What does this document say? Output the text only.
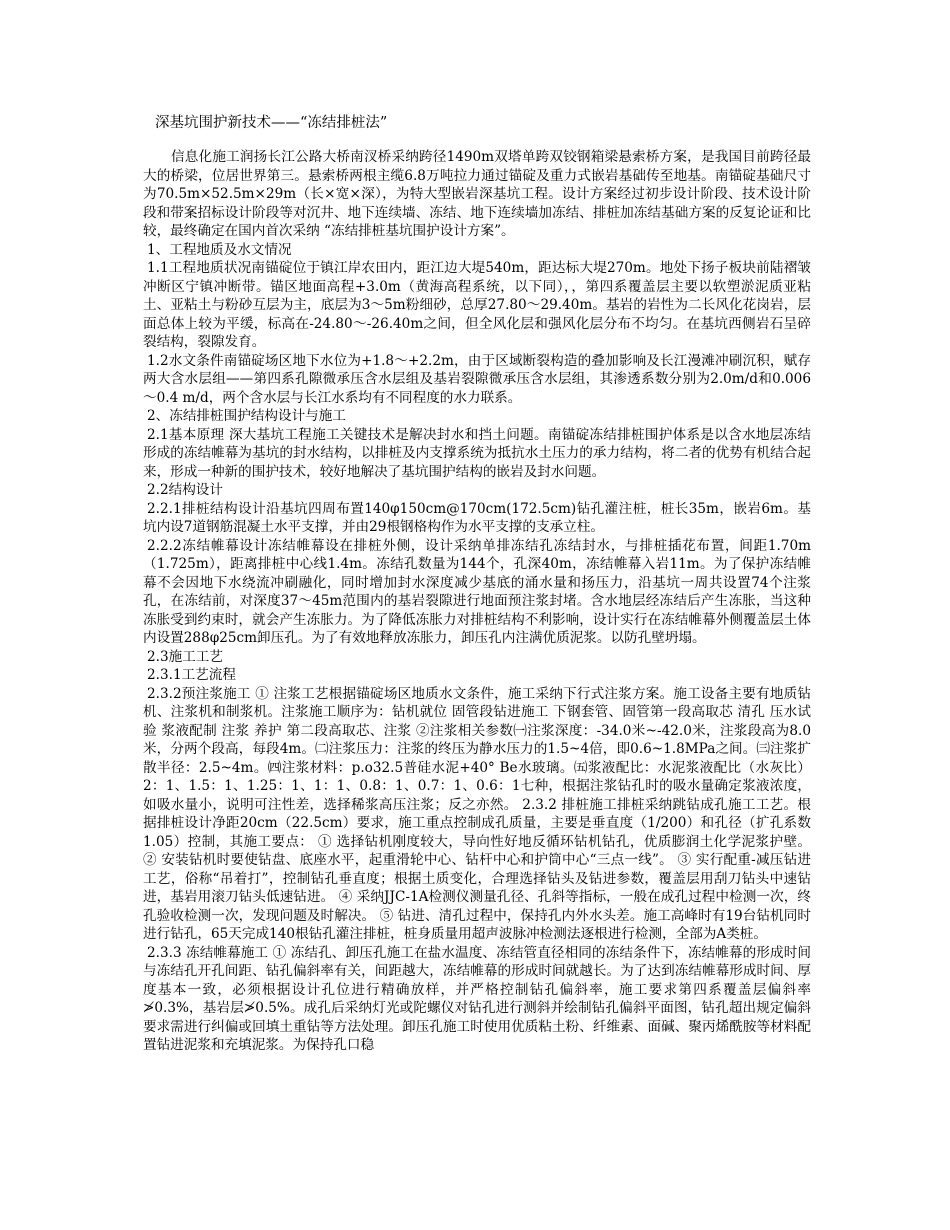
深基坑围护新技术——“冻结排桩法”

信息化施工润扬长江公路大桥南汊桥采纳跨径1490m双塔单跨双铰钢箱梁悬索桥方案，是我国目前跨径最大的桥梁，位居世界第三。悬索桥两根主缆6.8万吨拉力通过锚碇及重力式嵌岩基础传至地基。南锚碇基础尺寸为70.5m×52.5m×29m（长×宽×深），为特大型嵌岩深基坑工程。设计方案经过初步设计阶段、技术设计阶段和带案招标设计阶段等对沉井、地下连续墙、冻结、地下连续墙加冻结、排桩加冻结基础方案的反复论证和比较，最终确定在国内首次采纳 “冻结排桩基坑围护设计方案”。

1、工程地质及水文情况

1.1工程地质状况南锚碇位于镇江岸农田内，距江边大堤540m，距达标大堤270m。地处下扬子板块前陆褶皱冲断区宁镇冲断带。锚区地面高程+3.0m（黄海高程系统，以下同），，第四系覆盖层主要以软塑淤泥质亚粘土、亚粘土与粉砂互层为主，底层为3～5m粉细砂，总厚27.80～29.40m。基岩的岩性为二长风化花岗岩，层面总体上较为平缓，标高在-24.80～-26.40m之间，但全风化层和强风化层分布不均匀。在基坑西侧岩石呈碎裂结构，裂隙发育。

1.2水文条件南锚碇场区地下水位为+1.8～+2.2m，由于区域断裂构造的叠加影响及长江漫滩冲刷沉积，赋存两大含水层组——第四系孔隙微承压含水层组及基岩裂隙微承压含水层组，其渗透系数分别为2.0m/d和0.006～0.4 m/d，两个含水层与长江水系均有不同程度的水力联系。

2、冻结排桩围护结构设计与施工

2.1基本原理 深大基坑工程施工关键技术是解决封水和挡土问题。南锚碇冻结排桩围护体系是以含水地层冻结形成的冻结帷幕为基坑的封水结构，以排桩及内支撑系统为抵抗水土压力的承力结构，将二者的优势有机结合起来，形成一种新的围护技术，较好地解决了基坑围护结构的嵌岩及封水问题。

2.2结构设计

2.2.1排桩结构设计沿基坑四周布置140φ150cm@170cm(172.5cm)钻孔灌注桩，桩长35m，嵌岩6m。基坑内设7道钢筋混凝土水平支撑，并由29根钢格构作为水平支撑的支承立柱。

2.2.2冻结帷幕设计冻结帷幕设在排桩外侧，设计采纳单排冻结孔冻结封水，与排桩插花布置，间距1.70m（1.725m），距离排桩中心线1.4m。冻结孔数量为144个，孔深40m，冻结帷幕入岩11m。为了保护冻结帷幕不会因地下水绕流冲刷融化，同时增加封水深度减少基底的涌水量和扬压力，沿基坑一周共设置74个注浆孔，在冻结前，对深度37～45m范围内的基岩裂隙进行地面预注浆封堵。含水地层经冻结后产生冻胀，当这种冻胀受到约束时，就会产生冻胀力。为了降低冻胀力对排桩结构不利影响，设计实行在冻结帷幕外侧覆盖层土体内设置288φ25cm卸压孔。为了有效地释放冻胀力，卸压孔内注满优质泥浆。以防孔壁坍塌。

2.3施工工艺

2.3.1工艺流程

2.3.2预注浆施工 ① 注浆工艺根据锚碇场区地质水文条件，施工采纳下行式注浆方案。施工设备主要有地质钻机、注浆机和制浆机。注浆施工顺序为：钻机就位 固管段钻进施工 下钢套管、固管第一段高取芯 清孔 压水试验 浆液配制 注浆 养护 第二段高取芯、注浆 ②注浆相关参数㈠注浆深度：-34.0米~-42.0米，注浆段高为8.0米，分两个段高，每段4m。㈡注浆压力：注浆的终压为静水压力的1.5~4倍，即0.6~1.8MPa之间。㈢注浆扩散半径：2.5~4m。㈣注浆材料：p.o32.5普硅水泥+40° Be水玻璃。㈤浆液配比：水泥浆液配比（水灰比）2：1、1.5：1、1.25：1、1：1、0.8：1、0.7：1、0.6：1七种，根据注浆钻孔时的吸水量确定浆液浓度，如吸水量小，说明可注性差，选择稀浆高压注浆；反之亦然。 2.3.2 排桩施工排桩采纳跳钻成孔施工工艺。根据排桩设计净距20cm（22.5cm）要求，施工重点控制成孔质量，主要是垂直度（1/200）和孔径（扩孔系数1.05）控制，其施工要点： ① 选择钻机刚度较大，导向性好地反循环钻机钻孔，优质膨润土化学泥浆护壁。 ② 安装钻机时要使钻盘、底座水平，起重滑轮中心、钻杆中心和护筒中心“三点一线”。 ③ 实行配重-减压钻进工艺，俗称“吊着打”，控制钻孔垂直度；根据土质变化，合理选择钻头及钻进参数，覆盖层用刮刀钻头中速钻进，基岩用滚刀钻头低速钻进。 ④ 采纳JJC-1A检测仪测量孔径、孔斜等指标，一般在成孔过程中检测一次，终孔验收检测一次，发现问题及时解决。 ⑤ 钻进、清孔过程中，保持孔内外水头差。施工高峰时有19台钻机同时进行钻孔，65天完成140根钻孔灌注排桩，桩身质量用超声波脉冲检测法逐根进行检测，全部为A类桩。

2.3.3 冻结帷幕施工 ① 冻结孔、卸压孔施工在盐水温度、冻结管直径相同的冻结条件下，冻结帷幕的形成时间与冻结孔开孔间距、钻孔偏斜率有关，间距越大，冻结帷幕的形成时间就越长。为了达到冻结帷幕形成时间、厚度基本一致，必须根据设计孔位进行精确放样，并严格控制钻孔偏斜率，施工要求第四系覆盖层偏斜率≯0.3%，基岩层≯0.5%。成孔后采纳灯光或陀螺仪对钻孔进行测斜并绘制钻孔偏斜平面图，钻孔超出规定偏斜要求需进行纠偏或回填土重钻等方法处理。卸压孔施工时使用优质粘土粉、纤维素、面碱、聚丙烯酰胺等材料配置钻进泥浆和充填泥浆。为保持孔口稳
